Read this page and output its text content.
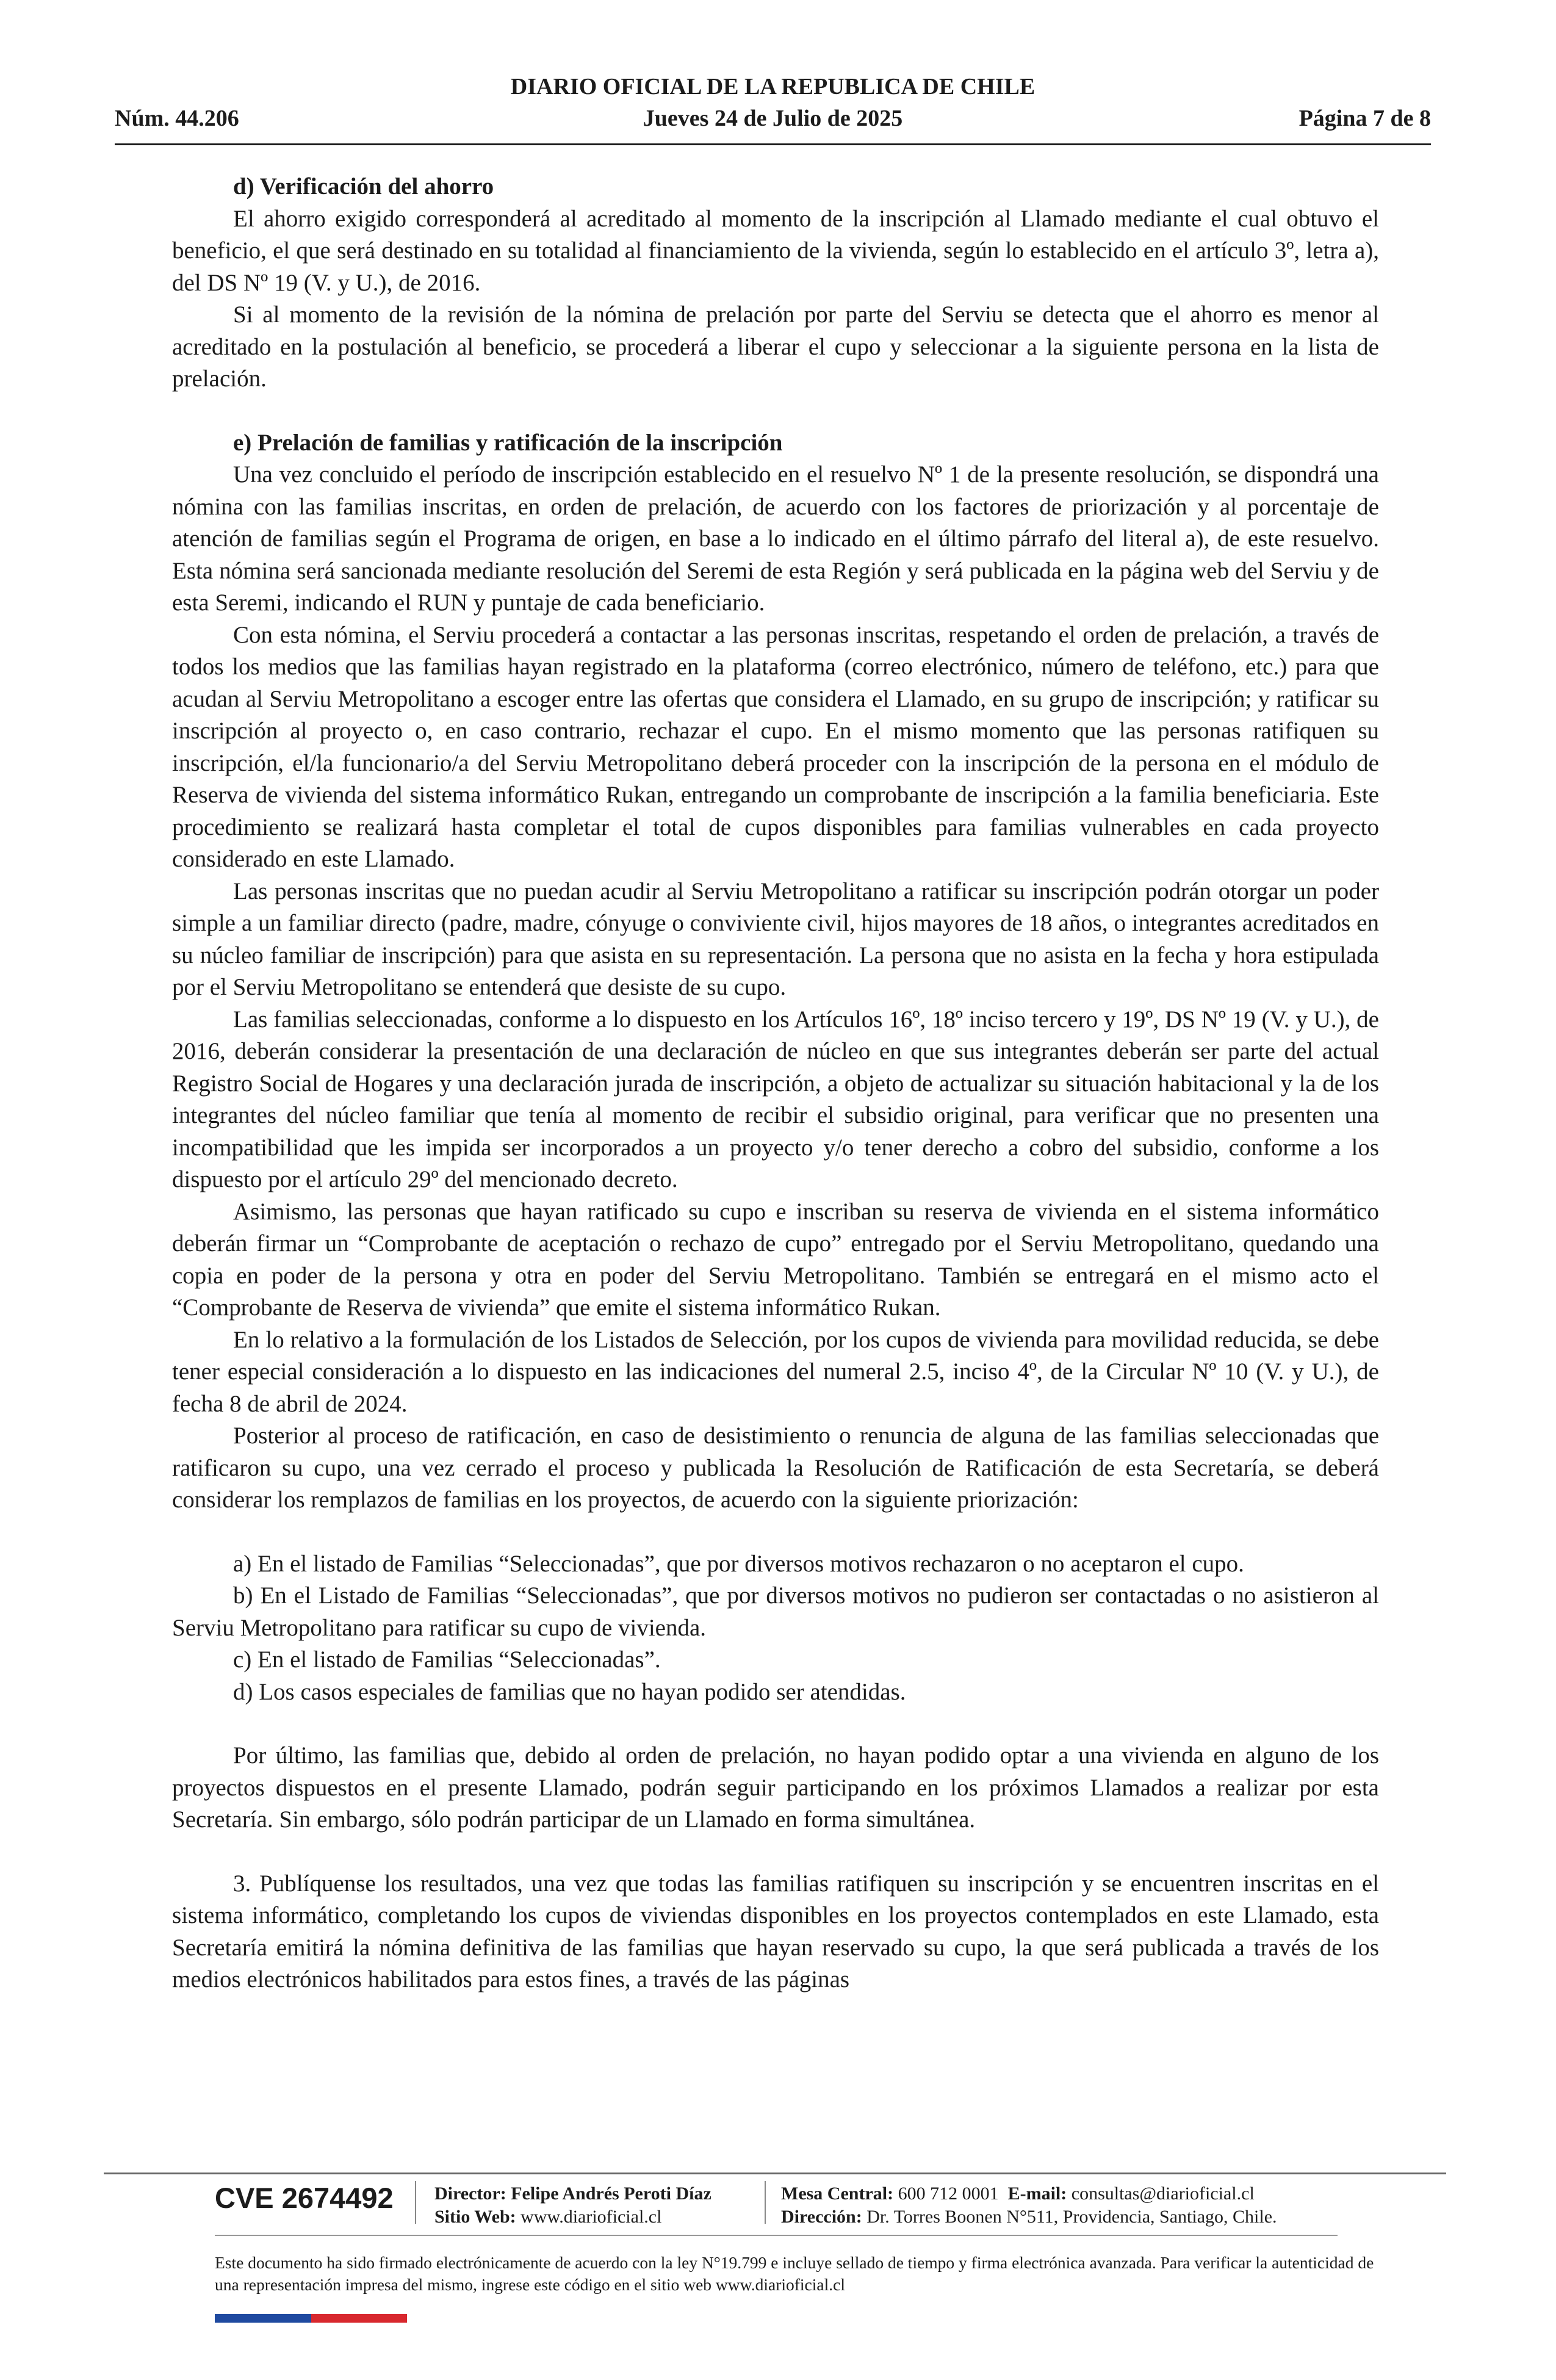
DIARIO OFICIAL DE LA REPUBLICA DE CHILE
Núm. 44.206	Jueves 24 de Julio de 2025	Página 7 de 8
d) Verificación del ahorro

El ahorro exigido corresponderá al acreditado al momento de la inscripción al Llamado mediante el cual obtuvo el beneficio, el que será destinado en su totalidad al financiamiento de la vivienda, según lo establecido en el artículo 3º, letra a), del DS Nº 19 (V. y U.), de 2016.

Si al momento de la revisión de la nómina de prelación por parte del Serviu se detecta que el ahorro es menor al acreditado en la postulación al beneficio, se procederá a liberar el cupo y seleccionar a la siguiente persona en la lista de prelación.

e) Prelación de familias y ratificación de la inscripción

Una vez concluido el período de inscripción establecido en el resuelvo Nº 1 de la presente resolución, se dispondrá una nómina con las familias inscritas, en orden de prelación, de acuerdo con los factores de priorización y al porcentaje de atención de familias según el Programa de origen, en base a lo indicado en el último párrafo del literal a), de este resuelvo. Esta nómina será sancionada mediante resolución del Seremi de esta Región y será publicada en la página web del Serviu y de esta Seremi, indicando el RUN y puntaje de cada beneficiario.

Con esta nómina, el Serviu procederá a contactar a las personas inscritas, respetando el orden de prelación, a través de todos los medios que las familias hayan registrado en la plataforma (correo electrónico, número de teléfono, etc.) para que acudan al Serviu Metropolitano a escoger entre las ofertas que considera el Llamado, en su grupo de inscripción; y ratificar su inscripción al proyecto o, en caso contrario, rechazar el cupo. En el mismo momento que las personas ratifiquen su inscripción, el/la funcionario/a del Serviu Metropolitano deberá proceder con la inscripción de la persona en el módulo de Reserva de vivienda del sistema informático Rukan, entregando un comprobante de inscripción a la familia beneficiaria. Este procedimiento se realizará hasta completar el total de cupos disponibles para familias vulnerables en cada proyecto considerado en este Llamado.

Las personas inscritas que no puedan acudir al Serviu Metropolitano a ratificar su inscripción podrán otorgar un poder simple a un familiar directo (padre, madre, cónyuge o conviviente civil, hijos mayores de 18 años, o integrantes acreditados en su núcleo familiar de inscripción) para que asista en su representación. La persona que no asista en la fecha y hora estipulada por el Serviu Metropolitano se entenderá que desiste de su cupo.

Las familias seleccionadas, conforme a lo dispuesto en los Artículos 16º, 18º inciso tercero y 19º, DS Nº 19 (V. y U.), de 2016, deberán considerar la presentación de una declaración de núcleo en que sus integrantes deberán ser parte del actual Registro Social de Hogares y una declaración jurada de inscripción, a objeto de actualizar su situación habitacional y la de los integrantes del núcleo familiar que tenía al momento de recibir el subsidio original, para verificar que no presenten una incompatibilidad que les impida ser incorporados a un proyecto y/o tener derecho a cobro del subsidio, conforme a los dispuesto por el artículo 29º del mencionado decreto.

Asimismo, las personas que hayan ratificado su cupo e inscriban su reserva de vivienda en el sistema informático deberán firmar un “Comprobante de aceptación o rechazo de cupo” entregado por el Serviu Metropolitano, quedando una copia en poder de la persona y otra en poder del Serviu Metropolitano. También se entregará en el mismo acto el “Comprobante de Reserva de vivienda” que emite el sistema informático Rukan.

En lo relativo a la formulación de los Listados de Selección, por los cupos de vivienda para movilidad reducida, se debe tener especial consideración a lo dispuesto en las indicaciones del numeral 2.5, inciso 4º, de la Circular Nº 10 (V. y U.), de fecha 8 de abril de 2024.

Posterior al proceso de ratificación, en caso de desistimiento o renuncia de alguna de las familias seleccionadas que ratificaron su cupo, una vez cerrado el proceso y publicada la Resolución de Ratificación de esta Secretaría, se deberá considerar los remplazos de familias en los proyectos, de acuerdo con la siguiente priorización:

a) En el listado de Familias “Seleccionadas”, que por diversos motivos rechazaron o no aceptaron el cupo.

b) En el Listado de Familias “Seleccionadas”, que por diversos motivos no pudieron ser contactadas o no asistieron al Serviu Metropolitano para ratificar su cupo de vivienda.

c) En el listado de Familias “Seleccionadas”.

d) Los casos especiales de familias que no hayan podido ser atendidas.

Por último, las familias que, debido al orden de prelación, no hayan podido optar a una vivienda en alguno de los proyectos dispuestos en el presente Llamado, podrán seguir participando en los próximos Llamados a realizar por esta Secretaría. Sin embargo, sólo podrán participar de un Llamado en forma simultánea.

3. Publíquense los resultados, una vez que todas las familias ratifiquen su inscripción y se encuentren inscritas en el sistema informático, completando los cupos de viviendas disponibles en los proyectos contemplados en este Llamado, esta Secretaría emitirá la nómina definitiva de las familias que hayan reservado su cupo, la que será publicada a través de los medios electrónicos habilitados para estos fines, a través de las páginas

CVE 2674492 Director: Felipe Andrés Peroti Díaz
Sitio Web: www.diarioficial.cl
Mesa Central: 600 712 0001 E-mail: consultas@diarioficial.cl
Dirección: Dr. Torres Boonen N°511, Providencia, Santiago, Chile.
Este documento ha sido firmado electrónicamente de acuerdo con la ley N°19.799 e incluye sellado de tiempo y firma electrónica avanzada. Para verificar la autenticidad de una representación impresa del mismo, ingrese este código en el sitio web www.diarioficial.cl
